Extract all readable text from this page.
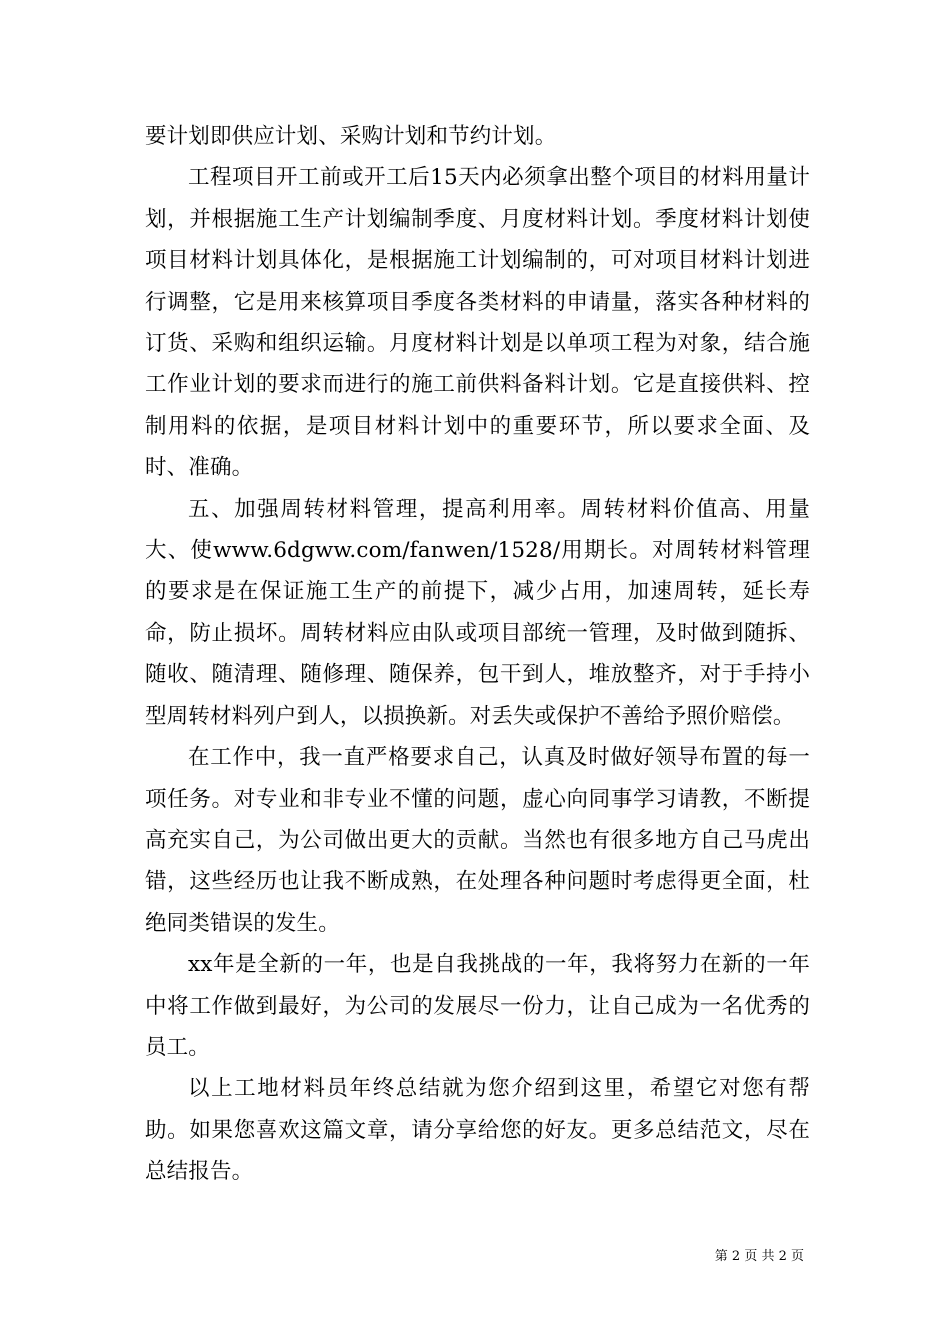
要计划即供应计划、采购计划和节约计划。

工程项目开工前或开工后15天内必须拿出整个项目的材料用量计划，并根据施工生产计划编制季度、月度材料计划。季度材料计划使项目材料计划具体化，是根据施工计划编制的，可对项目材料计划进行调整，它是用来核算项目季度各类材料的申请量，落实各种材料的订货、采购和组织运输。月度材料计划是以单项工程为对象，结合施工作业计划的要求而进行的施工前供料备料计划。它是直接供料、控制用料的依据，是项目材料计划中的重要环节，所以要求全面、及时、准确。

五、加强周转材料管理，提高利用率。周转材料价值高、用量大、使www.6dgww.com/fanwen/1528/用期长。对周转材料管理的要求是在保证施工生产的前提下，减少占用，加速周转，延长寿命，防止损坏。周转材料应由队或项目部统一管理，及时做到随拆、随收、随清理、随修理、随保养，包干到人，堆放整齐，对于手持小型周转材料列户到人，以损换新。对丢失或保护不善给予照价赔偿。

在工作中，我一直严格要求自己，认真及时做好领导布置的每一项任务。对专业和非专业不懂的问题，虚心向同事学习请教，不断提高充实自己，为公司做出更大的贡献。当然也有很多地方自己马虎出错，这些经历也让我不断成熟，在处理各种问题时考虑得更全面，杜绝同类错误的发生。

xx年是全新的一年，也是自我挑战的一年，我将努力在新的一年中将工作做到最好，为公司的发展尽一份力，让自己成为一名优秀的员工。

以上工地材料员年终总结就为您介绍到这里，希望它对您有帮助。如果您喜欢这篇文章，请分享给您的好友。更多总结范文，尽在总结报告。

第 2 页 共 2 页
